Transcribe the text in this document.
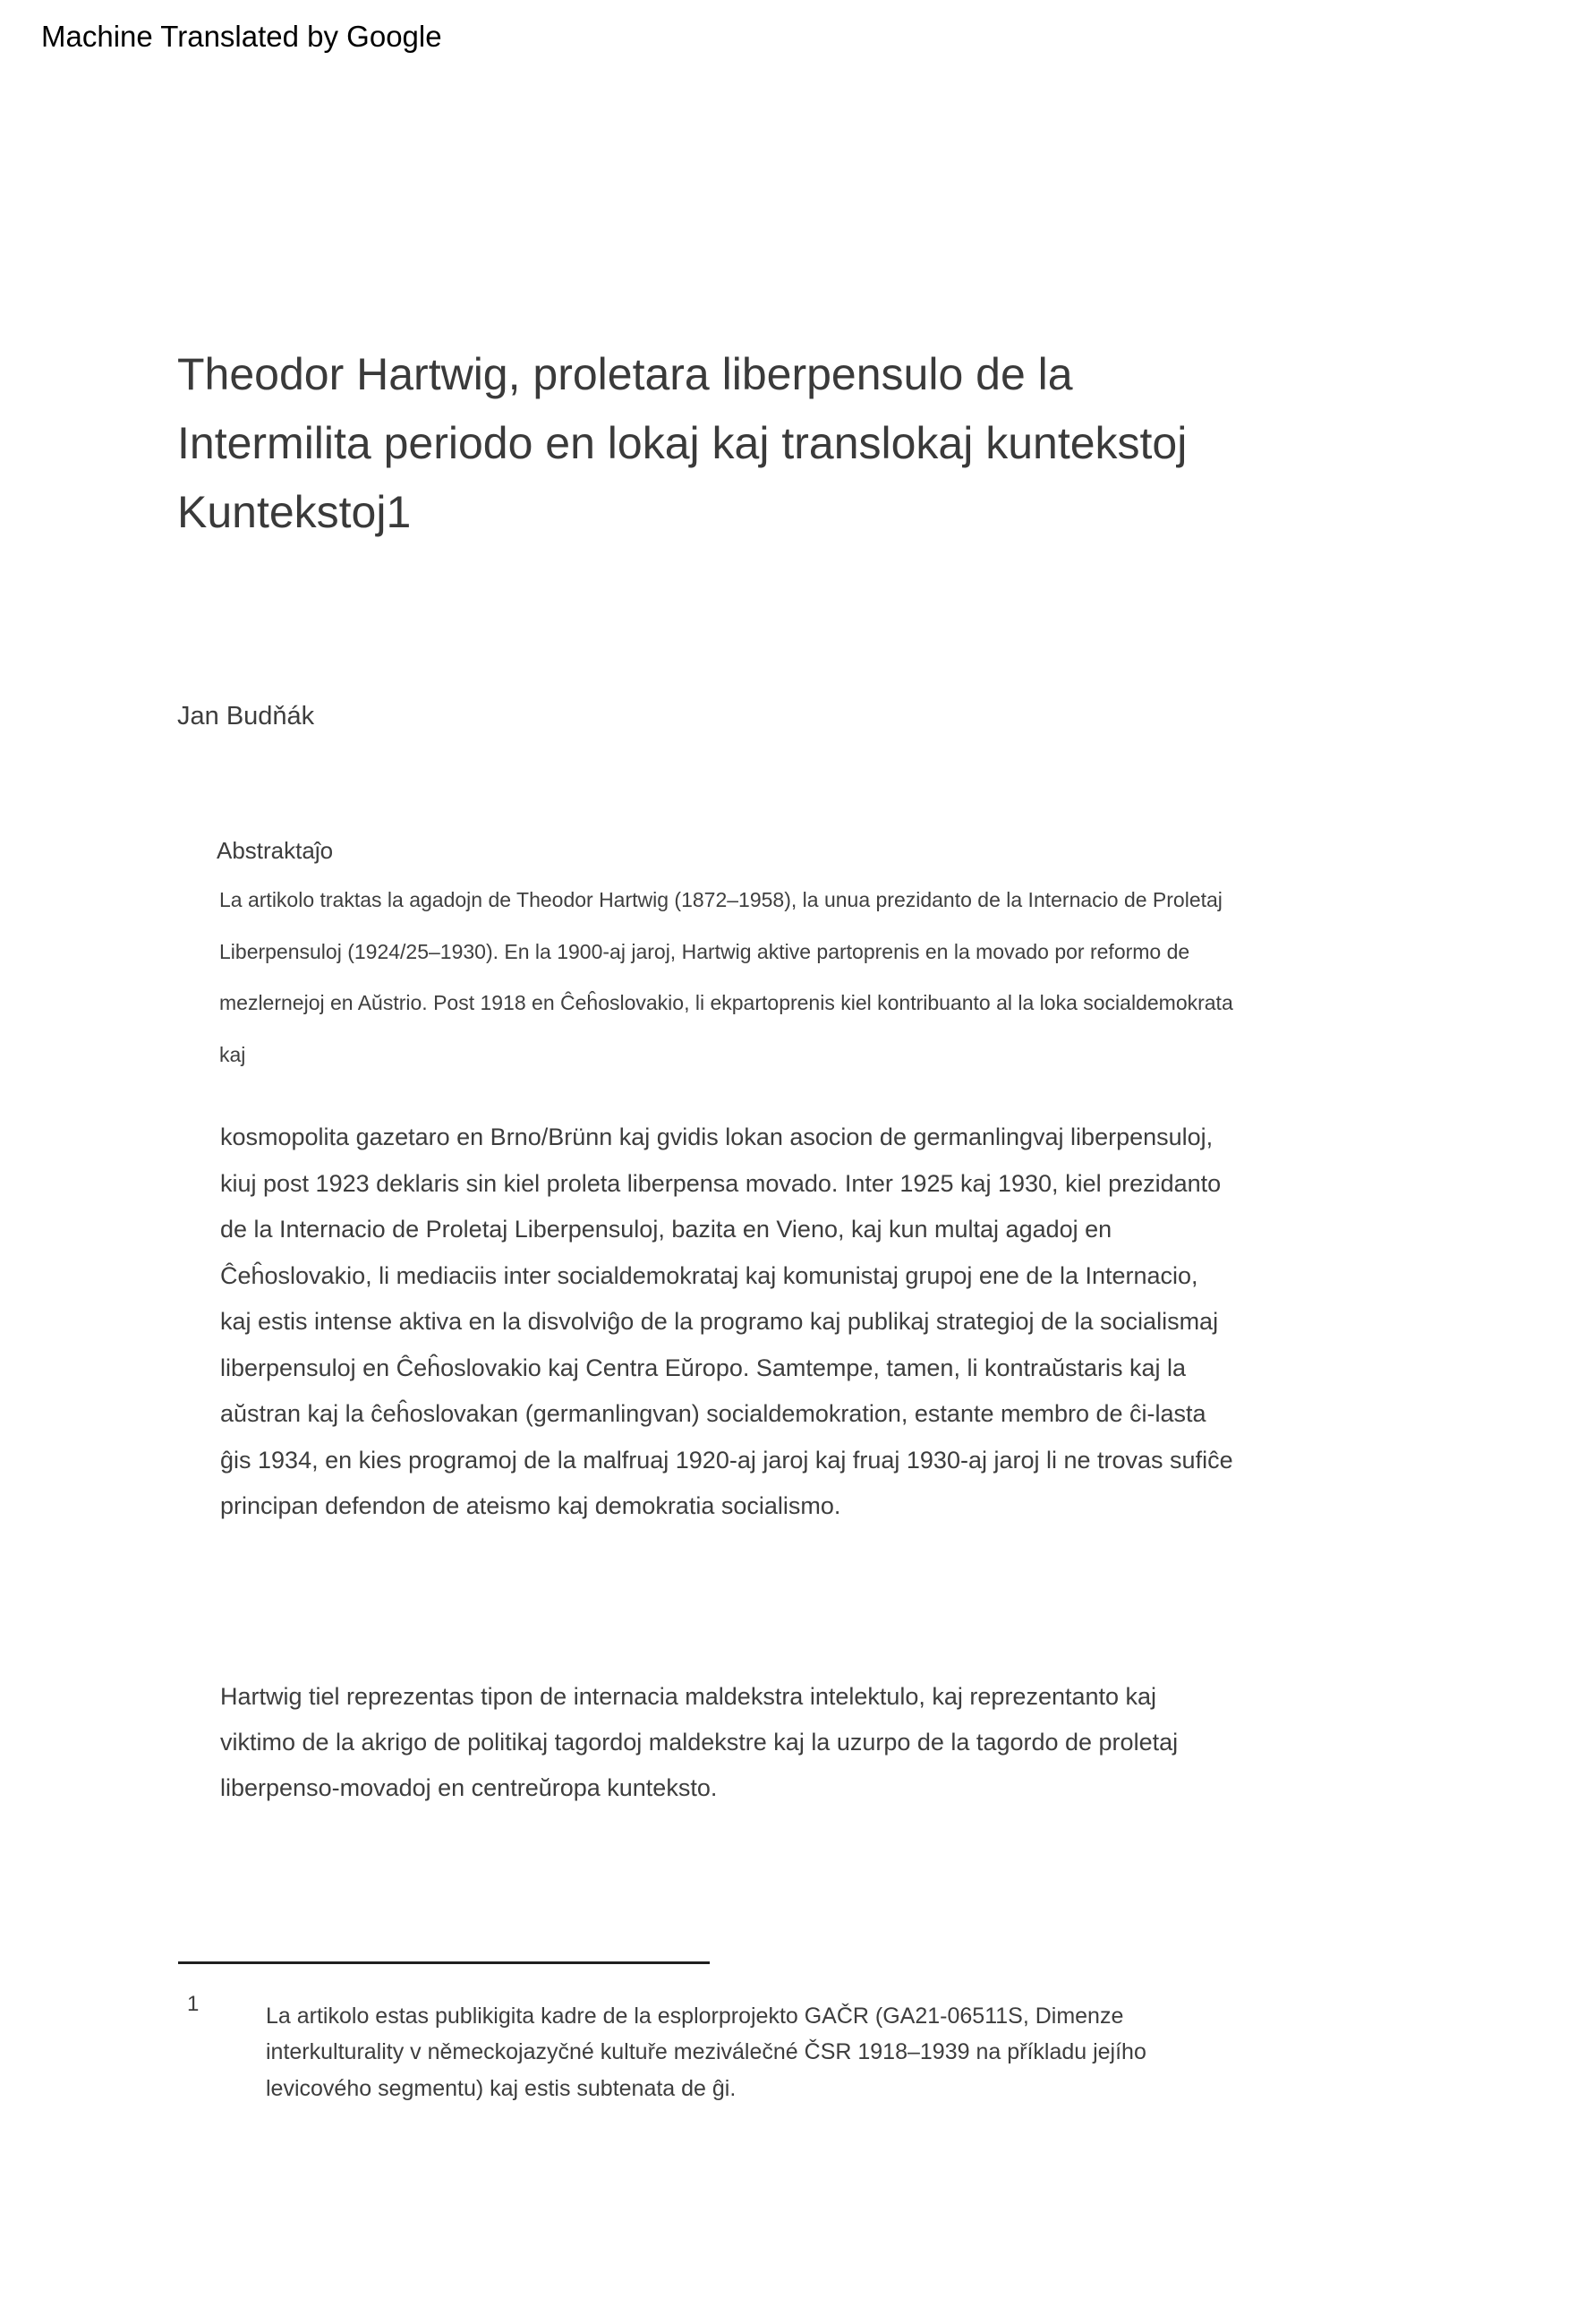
Machine Translated by Google
Theodor Hartwig, proletara liberpensulo de la
Intermilita periodo en lokaj kaj translokaj kuntekstoj
Kuntekstoj1
Jan Budňák
Abstraktaĵo
La artikolo traktas la agadojn de Theodor Hartwig (1872–1958), la unua prezidanto de la Internacio de Proletaj
Liberpensuloj (1924/25–1930). En la 1900-aj jaroj, Hartwig aktive partoprenis en la movado por reformo de
mezlernejoj en Aŭstrio. Post 1918 en Ĉeĥoslovakio, li ekpartoprenis kiel kontribuanto al la loka socialdemokrata
kaj
kosmopolita gazetaro en Brno/Brünn kaj gvidis lokan asocion de germanlingvaj liberpensuloj,
kiuj post 1923 deklaris sin kiel proleta liberpensa movado. Inter 1925 kaj 1930, kiel prezidanto
de la Internacio de Proletaj Liberpensuloj, bazita en Vieno, kaj kun multaj agadoj en
Ĉeĥoslovakio, li mediaciis inter socialdemokrataj kaj komunistaj grupoj ene de la Internacio,
kaj estis intense aktiva en la disvolviĝo de la programo kaj publikaj strategioj de la socialismaj
liberpensuloj en Ĉeĥoslovakio kaj Centra Eŭropo. Samtempe, tamen, li kontraŭstaris kaj la
aŭstran kaj la ĉeĥoslovakan (germanlingvan) socialdemokration, estante membro de ĉi-lasta
ĝis 1934, en kies programoj de la malfruaj 1920-aj jaroj kaj fruaj 1930-aj jaroj li ne trovas sufiĉe
principan defendon de ateismo kaj demokratia socialismo.
Hartwig tiel reprezentas tipon de internacia maldekstra intelektulo, kaj reprezentanto kaj
viktimo de la akrigo de politikaj tagordoj maldekstre kaj la uzurpo de la tagordo de proletaj
liberpenso-movadoj en centreŭropa kunteksto.
1	La artikolo estas publikigita kadre de la esplorprojekto GAČR (GA21-06511S, Dimenze
interkulturality v německojazyčné kultuře meziválečné ČSR 1918–1939 na příkladu jejího
levicového segmentu) kaj estis subtenata de ĝi.
